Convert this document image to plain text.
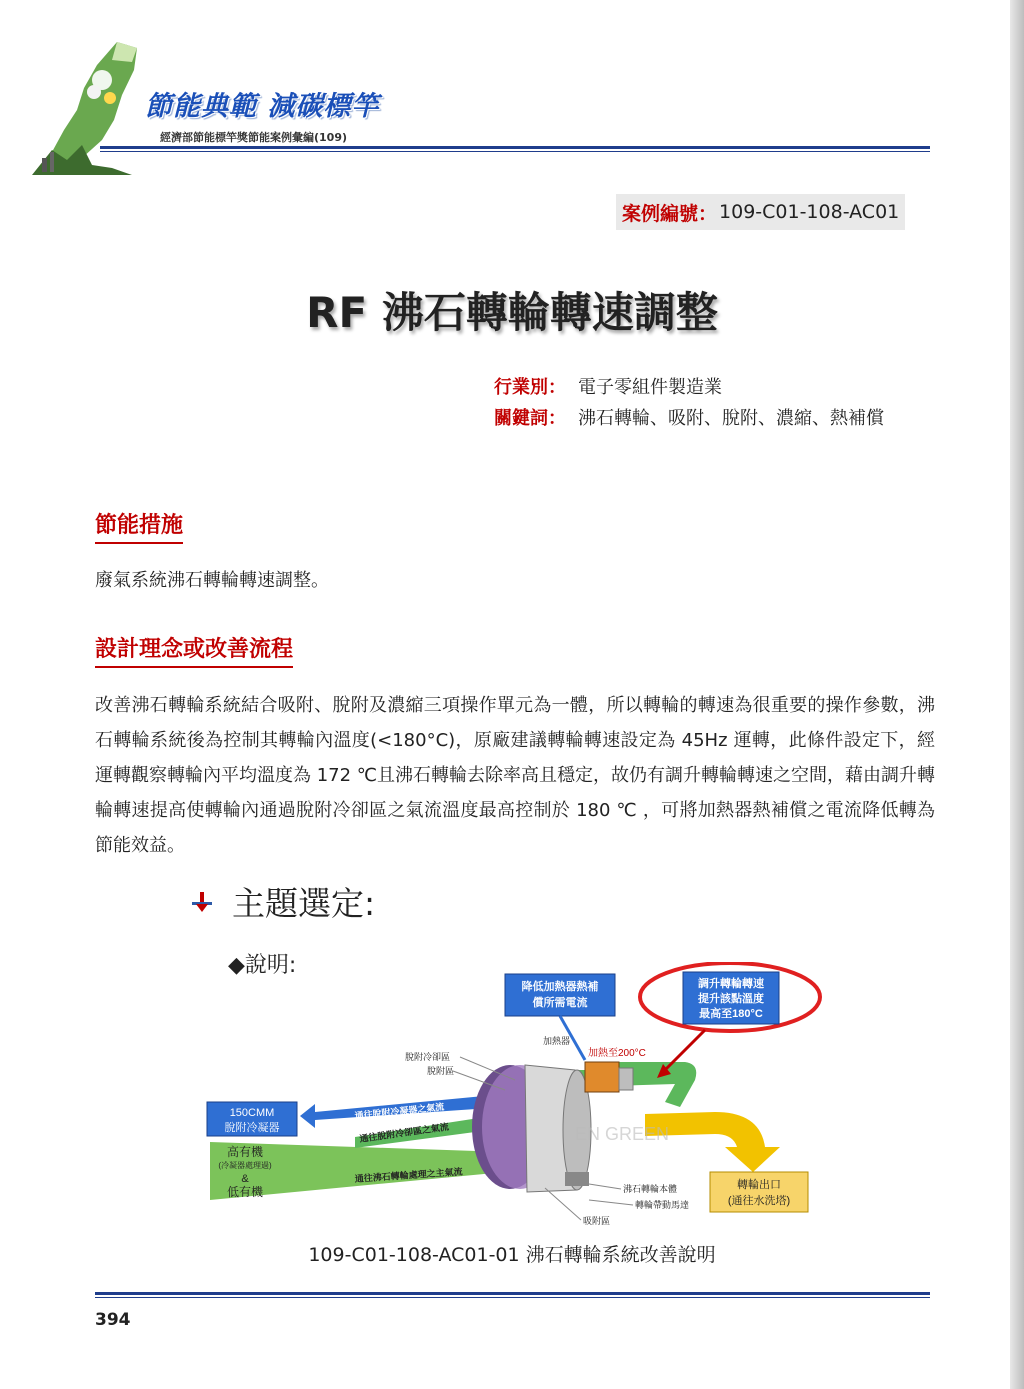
節能典範 減碳標竿
經濟部節能標竿獎節能案例彙編(109)
案例編號： 109-C01-108-AC01
RF 沸石轉輪轉速調整
行業別： 電子零組件製造業
關鍵詞： 沸石轉輪、吸附、脫附、濃縮、熱補償
節能措施
廢氣系統沸石轉輪轉速調整。
設計理念或改善流程
改善沸石轉輪系統結合吸附、脫附及濃縮三項操作單元為一體，所以轉輪的轉速為很重要的操作參數，沸石轉輪系統後為控制其轉輪內溫度(<180°C)，原廠建議轉輪轉速設定為 45Hz 運轉，此條件設定下，經運轉觀察轉輪內平均溫度為 172 ℃且沸石轉輪去除率高且穩定，故仍有調升轉輪轉速之空間，藉由調升轉輪轉速提高使轉輪內通過脫附冷卻區之氣流溫度最高控制於 180 ℃ ，可將加熱器熱補償之電流降低轉為節能效益。
主題選定:
◆說明:
降低加熱器熱補
償所需電流
調升轉輪轉速
提升該點溫度
最高至180°C
加熱器
加熱至200°C
脫附冷卻區
脫附區
150CMM
脫附冷凝器
通往脫附冷凝器之氣流
通往脫附冷卻區之氣流
通往沸石轉輪處理之主氣流
高有機
(冷凝器處理過)
&
低有機	沸石轉輪本體
轉輪帶動馬達
吸附區
轉輪出口
(通往水洗塔)
EN GREEN
109-C01-108-AC01-01 沸石轉輪系統改善說明
394
